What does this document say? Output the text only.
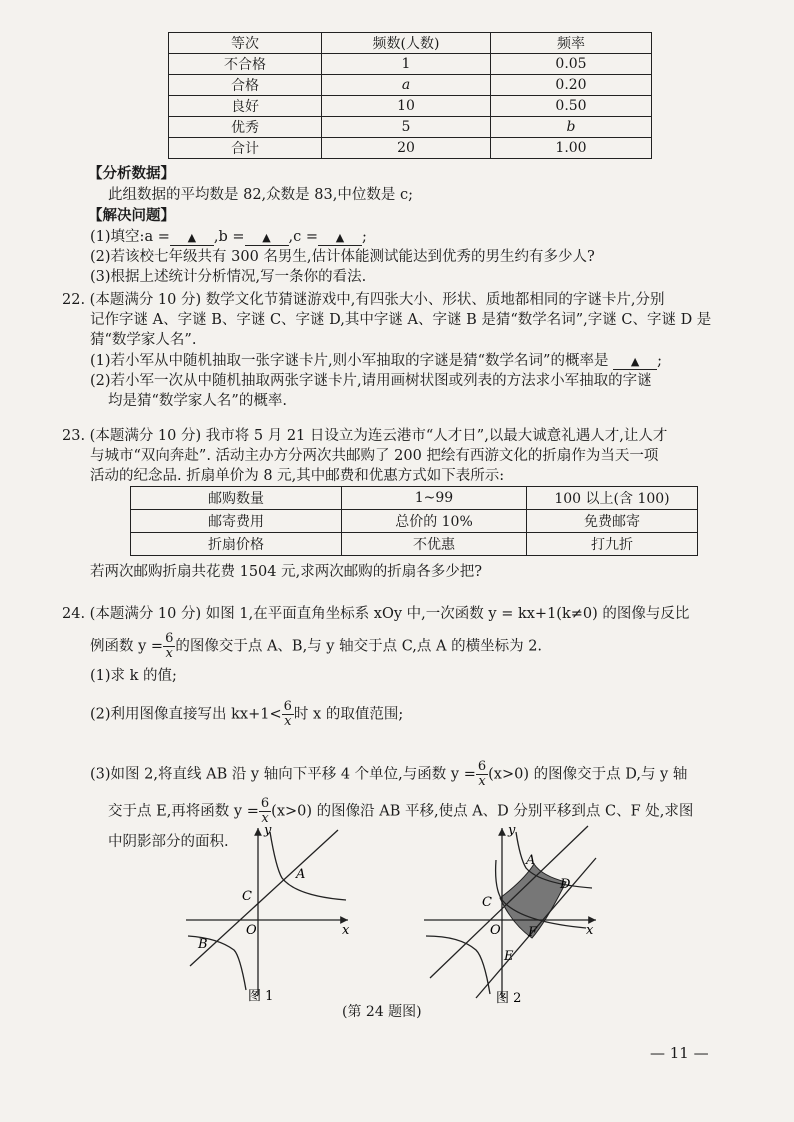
等次	频数(人数)	频率
不合格	1	0.05
合格	a	0.20
良好	10	0.50
优秀	5	b
合计	20	1.00
【分析数据】
此组数据的平均数是 82,众数是 83,中位数是 c;
【解决问题】
(1)填空:a = ▲ ,b = ▲ ,c = ▲ ;
(2)若该校七年级共有 300 名男生,估计体能测试能达到优秀的男生约有多少人?
(3)根据上述统计分析情况,写一条你的看法.
22. (本题满分 10 分) 数学文化节猜谜游戏中,有四张大小、形状、质地都相同的字谜卡片,分别
记作字谜 A、字谜 B、字谜 C、字谜 D,其中字谜 A、字谜 B 是猜“数学名词”,字谜 C、字谜 D 是
猜“数学家人名”.
(1)若小军从中随机抽取一张字谜卡片,则小军抽取的字谜是猜“数学名词”的概率是 ▲ ;
(2)若小军一次从中随机抽取两张字谜卡片,请用画树状图或列表的方法求小军抽取的字谜
均是猜“数学家人名”的概率.
23. (本题满分 10 分) 我市将 5 月 21 日设立为连云港市“人才日”,以最大诚意礼遇人才,让人才
与城市“双向奔赴”. 活动主办方分两次共邮购了 200 把绘有西游文化的折扇作为当天一项
活动的纪念品. 折扇单价为 8 元,其中邮费和优惠方式如下表所示:
邮购数量	1~99	100 以上(含 100)
邮寄费用	总价的 10%	免费邮寄
折扇价格	不优惠	打九折
若两次邮购折扇共花费 1504 元,求两次邮购的折扇各多少把?
24. (本题满分 10 分) 如图 1,在平面直角坐标系 xOy 中,一次函数 y = kx+1(k≠0) 的图像与反比
例函数 $y = \frac{6}{x}$ 的图像交于点 A、B,与 y 轴交于点 C,点 A 的横坐标为 2.
(1)求 k 的值;
(2)利用图像直接写出 $kx+1< \frac{6}{x}$ 时 x 的取值范围;
(3)如图 2,将直线 AB 沿 y 轴向下平移 4 个单位,与函数 $y = \frac{6}{x} (x>0)$ 的图像交于点 D,与 y 轴
交于点 E,再将函数 $y = \frac{6}{x} (x>0)$ 的图像沿 AB 平移,使点 A、D 分别平移到点 C、F 处,求图
中阴影部分的面积.
A
B
C
O	x
y
图 1
A
D
C
O F
E
x
y
图 2
(第 24 题图)
— 11 —
